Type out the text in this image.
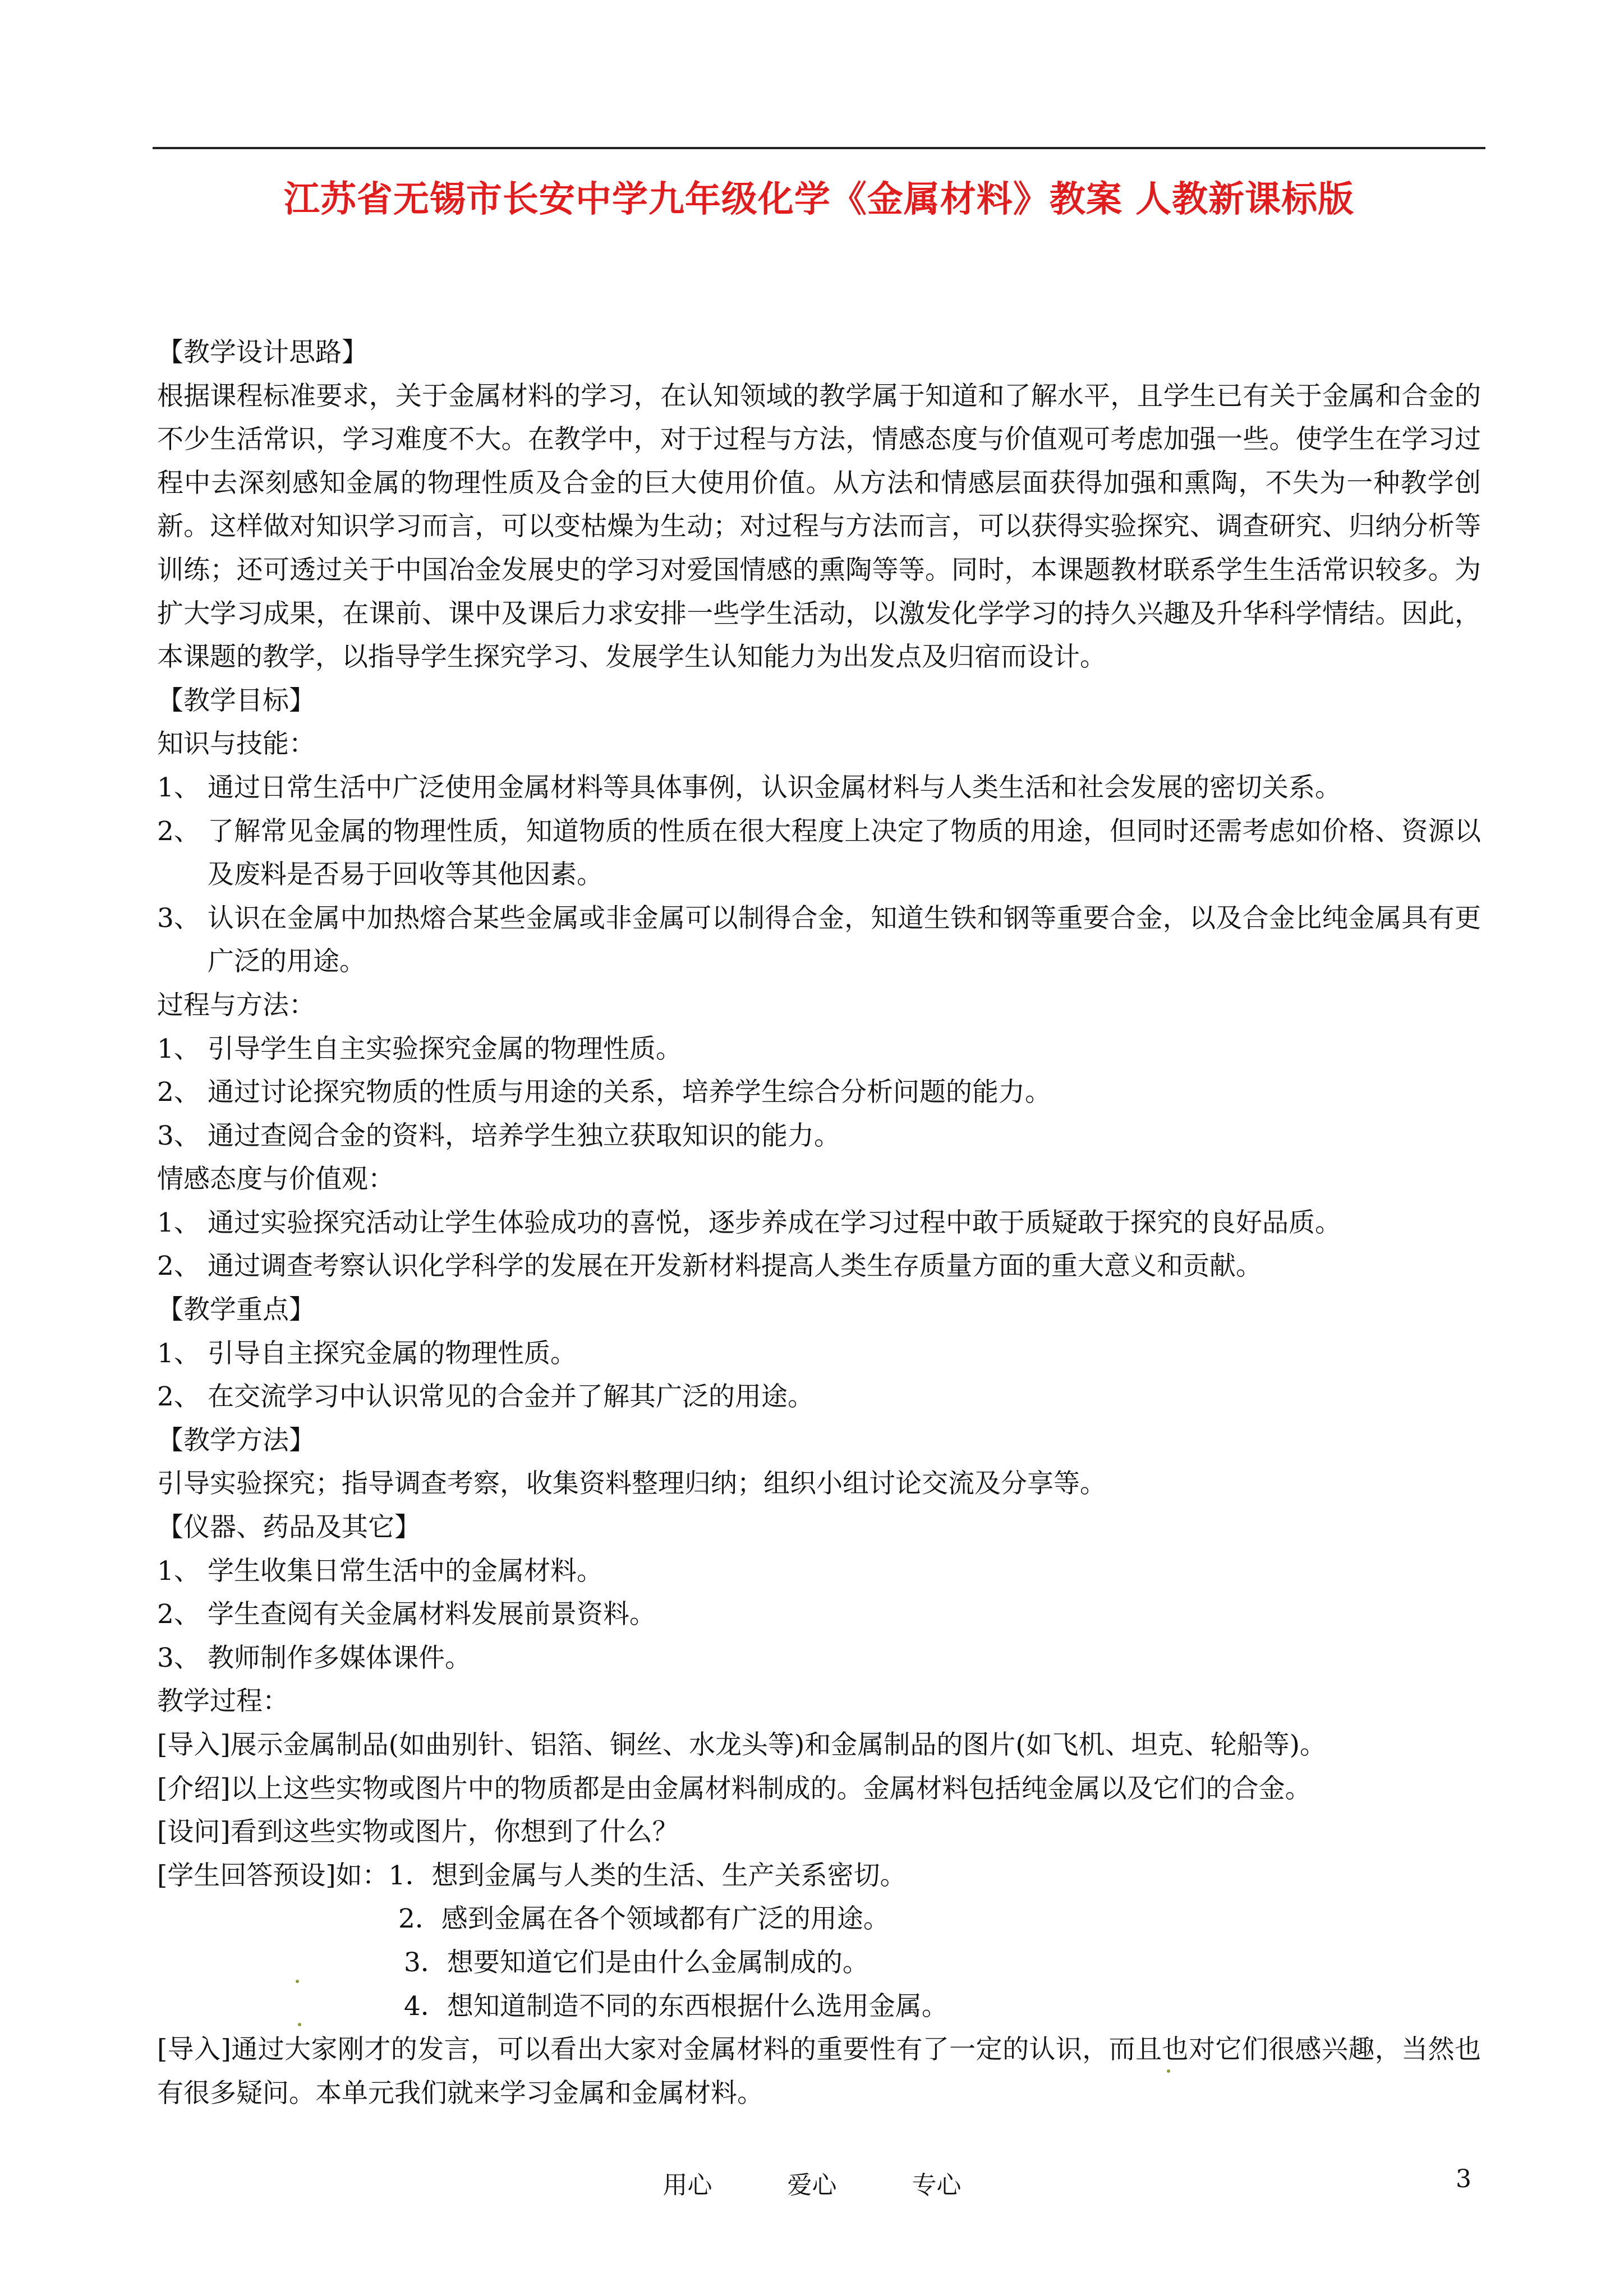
江苏省无锡市长安中学九年级化学《金属材料》教案 人教新课标版

【教学设计思路】

根据课程标准要求，关于金属材料的学习，在认知领域的教学属于知道和了解水平，且学生已有关于金属和合金的不少生活常识，学习难度不大。在教学中，对于过程与方法，情感态度与价值观可考虑加强一些。使学生在学习过程中去深刻感知金属的物理性质及合金的巨大使用价值。从方法和情感层面获得加强和熏陶，不失为一种教学创新。这样做对知识学习而言，可以变枯燥为生动；对过程与方法而言，可以获得实验探究、调查研究、归纳分析等训练；还可透过关于中国冶金发展史的学习对爱国情感的熏陶等等。同时，本课题教材联系学生生活常识较多。为扩大学习成果，在课前、课中及课后力求安排一些学生活动，以激发化学学习的持久兴趣及升华科学情结。因此，本课题的教学，以指导学生探究学习、发展学生认知能力为出发点及归宿而设计。

【教学目标】

知识与技能：

1、 通过日常生活中广泛使用金属材料等具体事例，认识金属材料与人类生活和社会发展的密切关系。
2、 了解常见金属的物理性质，知道物质的性质在很大程度上决定了物质的用途，但同时还需考虑如价格、资源以及废料是否易于回收等其他因素。
3、 认识在金属中加热熔合某些金属或非金属可以制得合金，知道生铁和钢等重要合金，以及合金比纯金属具有更广泛的用途。

过程与方法：

1、 引导学生自主实验探究金属的物理性质。
2、 通过讨论探究物质的性质与用途的关系，培养学生综合分析问题的能力。
3、 通过查阅合金的资料，培养学生独立获取知识的能力。

情感态度与价值观：

1、 通过实验探究活动让学生体验成功的喜悦，逐步养成在学习过程中敢于质疑敢于探究的良好品质。
2、 通过调查考察认识化学科学的发展在开发新材料提高人类生存质量方面的重大意义和贡献。

【教学重点】

1、 引导自主探究金属的物理性质。
2、 在交流学习中认识常见的合金并了解其广泛的用途。

【教学方法】

引导实验探究；指导调查考察，收集资料整理归纳；组织小组讨论交流及分享等。

【仪器、药品及其它】

1、 学生收集日常生活中的金属材料。
2、 学生查阅有关金属材料发展前景资料。
3、 教师制作多媒体课件。

教学过程：

[导入]展示金属制品(如曲别针、铝箔、铜丝、水龙头等)和金属制品的图片(如飞机、坦克、轮船等)。

[介绍]以上这些实物或图片中的物质都是由金属材料制成的。金属材料包括纯金属以及它们的合金。

[设问]看到这些实物或图片，你想到了什么？

[学生回答预设]如：1．想到金属与人类的生活、生产关系密切。

2．感到金属在各个领域都有广泛的用途。

3．想要知道它们是由什么金属制成的。

4．想知道制造不同的东西根据什么选用金属。

[导入]通过大家刚才的发言，可以看出大家对金属材料的重要性有了一定的认识，而且也对它们很感兴趣，当然也有很多疑问。本单元我们就来学习金属和金属材料。

用心	爱心	专心	3
